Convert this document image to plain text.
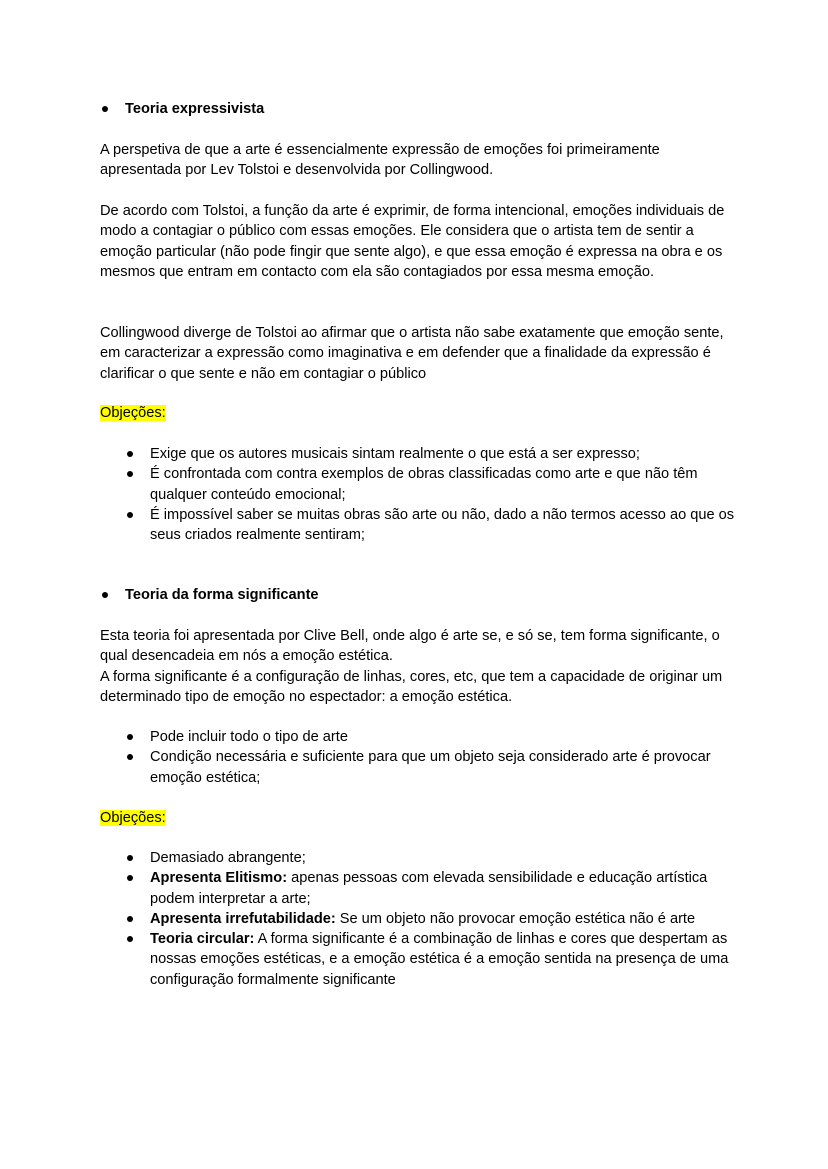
Teoria expressivista

A perspetiva de que a arte é essencialmente expressão de emoções foi primeiramente apresentada por Lev Tolstoi e desenvolvida por Collingwood.

De acordo com Tolstoi, a função da arte é exprimir, de forma intencional, emoções individuais de modo a contagiar o público com essas emoções. Ele considera que o artista tem de sentir a emoção particular (não pode fingir que sente algo), e que essa emoção é expressa na obra e os mesmos que entram em contacto com ela são contagiados por essa mesma emoção.

Collingwood diverge de Tolstoi ao afirmar que o artista não sabe exatamente que emoção sente, em caracterizar a expressão como imaginativa e em defender que a finalidade da expressão é clarificar o que sente e não em contagiar o público

Objeções:

Exige que os autores musicais sintam realmente o que está a ser expresso;
É confrontada com contra exemplos de obras classificadas como arte e que não têm qualquer conteúdo emocional;
É impossível saber se muitas obras são arte ou não, dado a não termos acesso ao que os seus criados realmente sentiram;
Teoria da forma significante

Esta teoria foi apresentada por Clive Bell, onde algo é arte se, e só se, tem forma significante, o qual desencadeia em nós a emoção estética.

A forma significante é a configuração de linhas, cores, etc, que tem a capacidade de originar um determinado tipo de emoção no espectador: a emoção estética.

Pode incluir todo o tipo de arte
Condição necessária e suficiente para que um objeto seja considerado arte é provocar emoção estética;

Objeções:

Demasiado abrangente;
Apresenta Elitismo: apenas pessoas com elevada sensibilidade e educação artística podem interpretar a arte;
Apresenta irrefutabilidade: Se um objeto não provocar emoção estética não é arte
Teoria circular: A forma significante é a combinação de linhas e cores que despertam as nossas emoções estéticas, e a emoção estética é a emoção sentida na presença de uma configuração formalmente significante
